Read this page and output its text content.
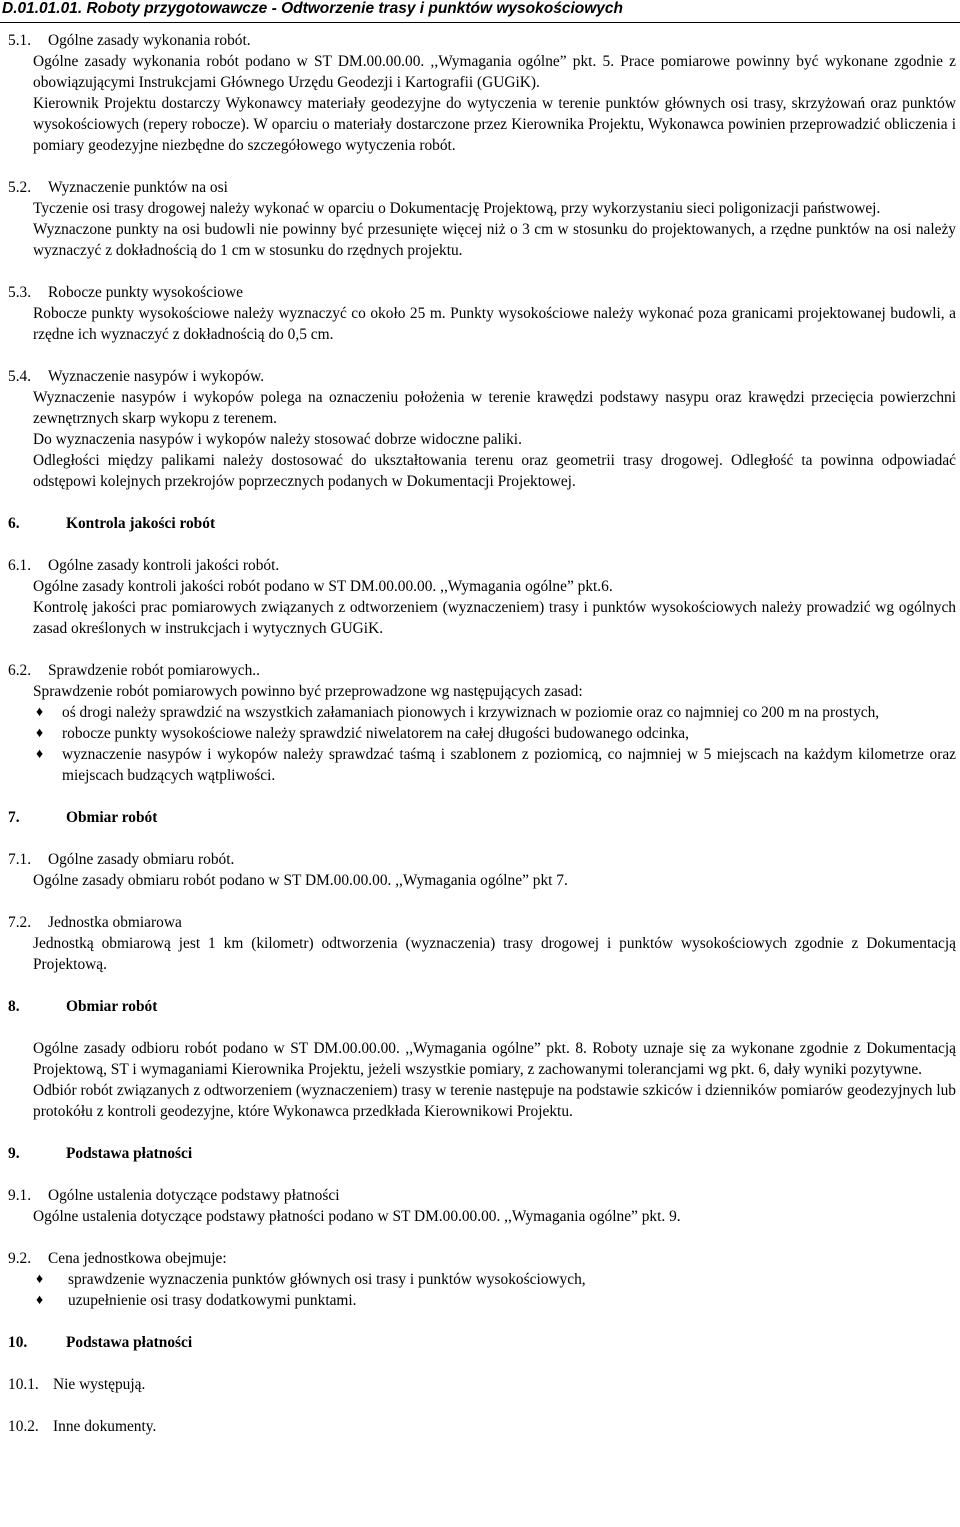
D.01.01.01. Roboty przygotowawcze - Odtworzenie trasy i punktów wysokościowych
5.1.	Ogólne zasady wykonania robót.
Ogólne zasady wykonania robót podano w ST DM.00.00.00. ,,Wymagania ogólne” pkt. 5. Prace pomiarowe powinny być wykonane zgodnie z obowiązującymi Instrukcjami Głównego Urzędu Geodezji i Kartografii (GUGiK).
Kierownik Projektu dostarczy Wykonawcy materiały geodezyjne do wytyczenia w terenie punktów głównych osi trasy, skrzyżowań oraz punktów wysokościowych (repery robocze). W oparciu o materiały dostarczone przez Kierownika Projektu, Wykonawca powinien przeprowadzić obliczenia i pomiary geodezyjne niezbędne do szczegółowego wytyczenia robót.
5.2.	Wyznaczenie punktów na osi
Tyczenie osi trasy drogowej należy wykonać w oparciu o Dokumentację Projektową, przy wykorzystaniu sieci poligonizacji państwowej.
Wyznaczone punkty na osi budowli nie powinny być przesunięte więcej niż o 3 cm w stosunku do projektowanych, a rzędne punktów na osi należy wyznaczyć z dokładnością do 1 cm w stosunku do rzędnych projektu.
5.3.	Robocze punkty wysokościowe
Robocze punkty wysokościowe należy wyznaczyć co około 25 m. Punkty wysokościowe należy wykonać poza granicami projektowanej budowli, a rzędne ich wyznaczyć z dokładnością do 0,5 cm.
5.4.	Wyznaczenie nasypów i wykopów.
Wyznaczenie nasypów i wykopów polega na oznaczeniu położenia w terenie krawędzi podstawy nasypu oraz krawędzi przecięcia powierzchni zewnętrznych skarp wykopu z terenem.
Do wyznaczenia nasypów i wykopów należy stosować dobrze widoczne paliki.
Odległości między palikami należy dostosować do ukształtowania terenu oraz geometrii trasy drogowej. Odległość ta powinna odpowiadać odstępowi kolejnych przekrojów poprzecznych podanych w Dokumentacji Projektowej.
6.	Kontrola jakości robót
6.1.	Ogólne zasady kontroli jakości robót.
Ogólne zasady kontroli jakości robót podano w ST DM.00.00.00. ,,Wymagania ogólne” pkt.6.
Kontrolę jakości prac pomiarowych związanych z odtworzeniem (wyznaczeniem) trasy i punktów wysokościowych należy prowadzić wg ogólnych zasad określonych w instrukcjach i wytycznych GUGiK.
6.2.	Sprawdzenie robót pomiarowych..
Sprawdzenie robót pomiarowych powinno być przeprowadzone wg następujących zasad:
♦ oś drogi należy sprawdzić na wszystkich załamaniach pionowych i krzywiznach w poziomie oraz co najmniej co 200 m na prostych,
♦ robocze punkty wysokościowe należy sprawdzić niwelatorem na całej długości budowanego odcinka,
♦ wyznaczenie nasypów i wykopów należy sprawdzać taśmą i szablonem z poziomicą, co najmniej w 5 miejscach na każdym kilometrze oraz miejscach budzących wątpliwości.
7.	Obmiar robót
7.1.	Ogólne zasady obmiaru robót.
Ogólne zasady obmiaru robót podano w ST DM.00.00.00. ,,Wymagania ogólne” pkt 7.
7.2.	Jednostka obmiarowa
Jednostką obmiarową jest 1 km (kilometr) odtworzenia (wyznaczenia) trasy drogowej i punktów wysokościowych zgodnie z Dokumentacją Projektową.
8.	Obmiar robót
Ogólne zasady odbioru robót podano w ST DM.00.00.00. ,,Wymagania ogólne” pkt. 8. Roboty uznaje się za wykonane zgodnie z Dokumentacją Projektową, ST i wymaganiami Kierownika Projektu, jeżeli wszystkie pomiary, z zachowanymi tolerancjami wg pkt. 6, dały wyniki pozytywne.
Odbiór robót związanych z odtworzeniem (wyznaczeniem) trasy w terenie następuje na podstawie szkiców i dzienników pomiarów geodezyjnych lub protokółu z kontroli geodezyjne, które Wykonawca przedkłada Kierownikowi Projektu.
9.	Podstawa płatności
9.1.	Ogólne ustalenia dotyczące podstawy płatności
Ogólne ustalenia dotyczące podstawy płatności podano w ST DM.00.00.00. ,,Wymagania ogólne” pkt. 9.
9.2.	Cena jednostkowa obejmuje:
♦ sprawdzenie wyznaczenia punktów głównych osi trasy i punktów wysokościowych,
♦ uzupełnienie osi trasy dodatkowymi punktami.
10.	Podstawa płatności
10.1. Nie występują.
10.2. Inne dokumenty.
